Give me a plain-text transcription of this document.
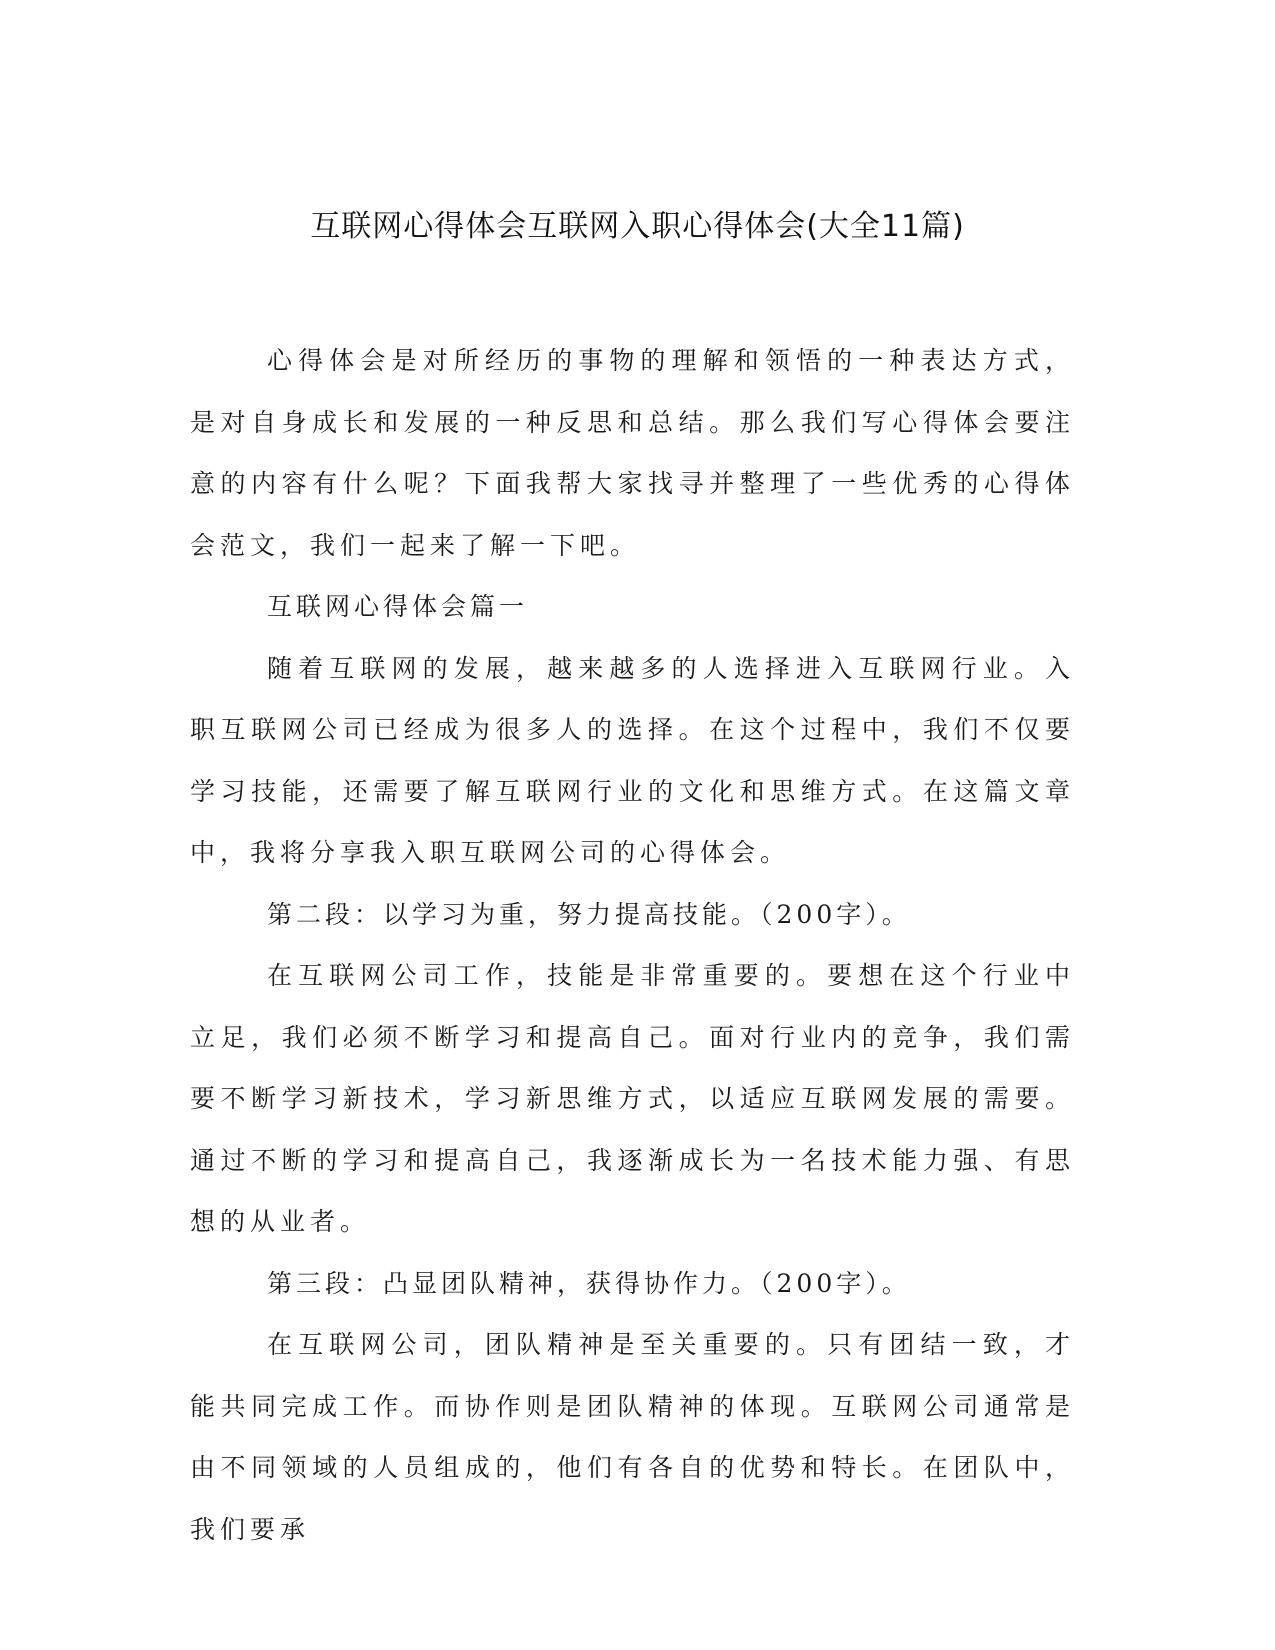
互联网心得体会互联网入职心得体会(大全11篇)

心得体会是对所经历的事物的理解和领悟的一种表达方式，是对自身成长和发展的一种反思和总结。那么我们写心得体会要注意的内容有什么呢？下面我帮大家找寻并整理了一些优秀的心得体会范文，我们一起来了解一下吧。

互联网心得体会篇一

随着互联网的发展，越来越多的人选择进入互联网行业。入职互联网公司已经成为很多人的选择。在这个过程中，我们不仅要学习技能，还需要了解互联网行业的文化和思维方式。在这篇文章中，我将分享我入职互联网公司的心得体会。

第二段：以学习为重，努力提高技能。（200字）。

在互联网公司工作，技能是非常重要的。要想在这个行业中立足，我们必须不断学习和提高自己。面对行业内的竞争，我们需要不断学习新技术，学习新思维方式，以适应互联网发展的需要。通过不断的学习和提高自己，我逐渐成长为一名技术能力强、有思想的从业者。

第三段：凸显团队精神，获得协作力。（200字）。

在互联网公司，团队精神是至关重要的。只有团结一致，才能共同完成工作。而协作则是团队精神的体现。互联网公司通常是由不同领域的人员组成的，他们有各自的优势和特长。在团队中，我们要承
